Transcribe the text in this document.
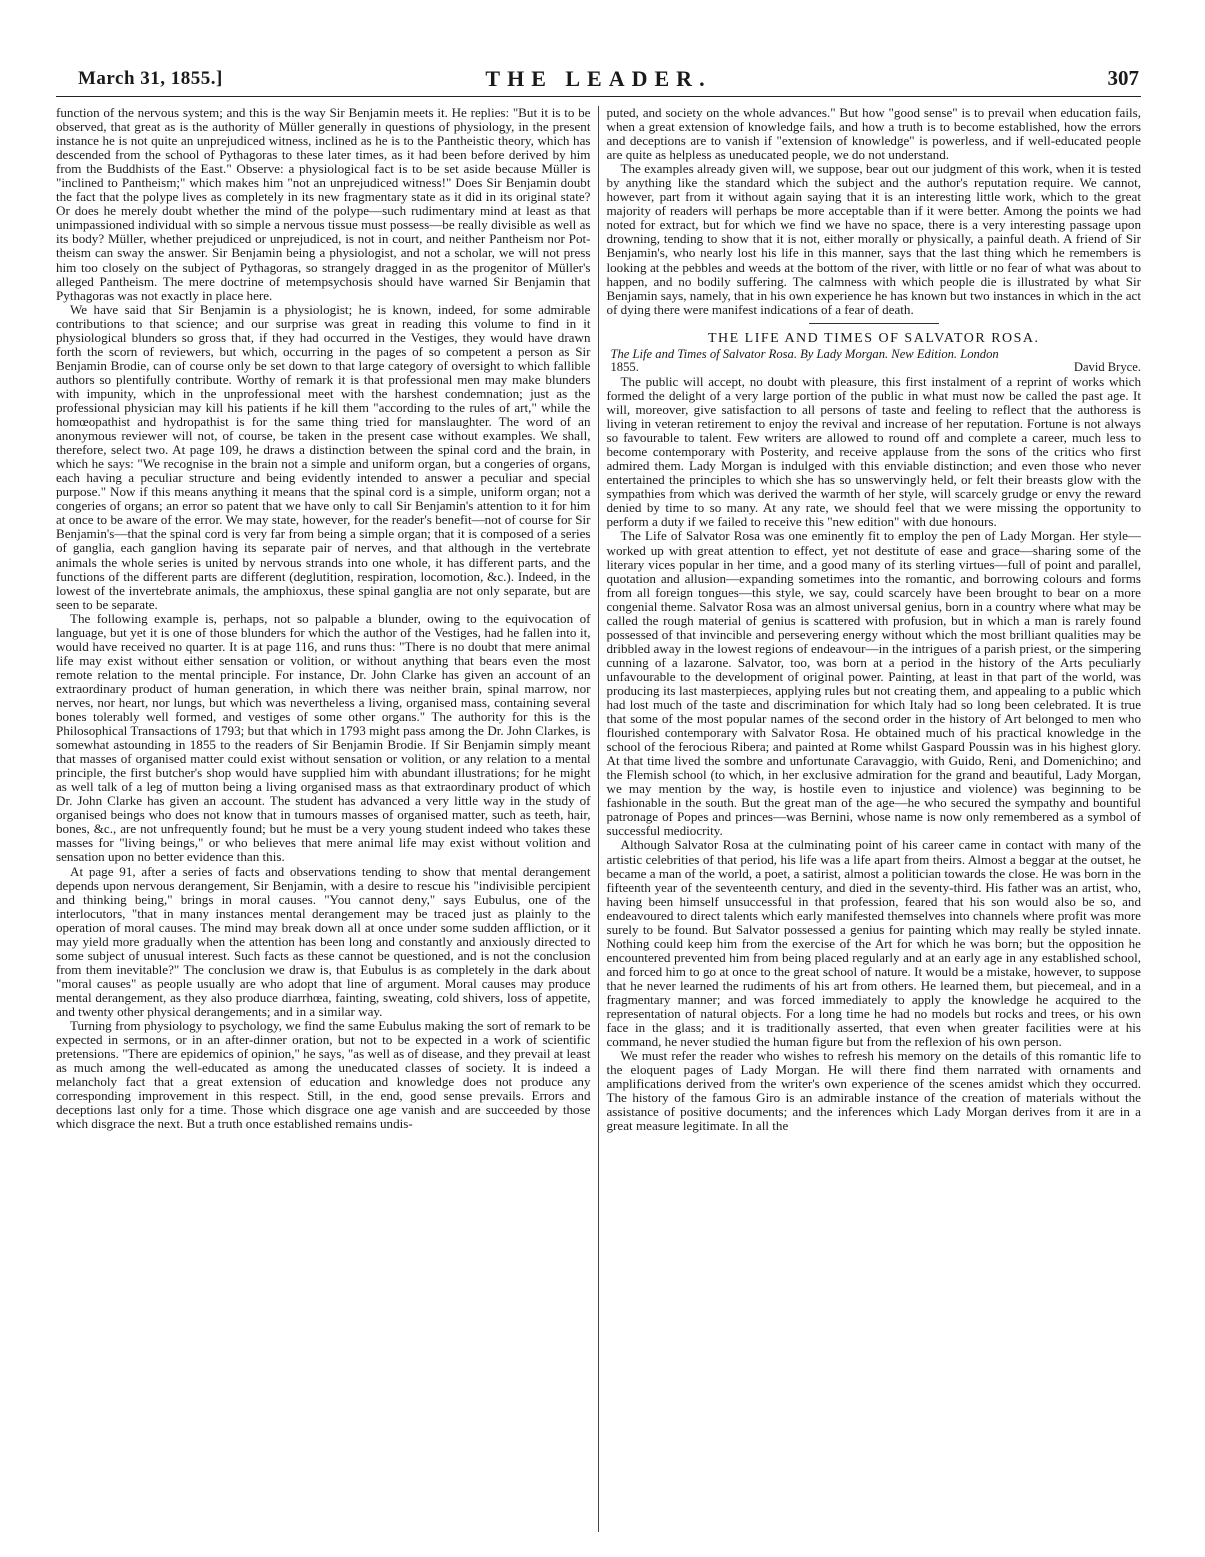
March 31, 1855.]	THE LEADER.	307

function of the nervous system; and this is the way Sir Benjamin meets it. He replies: "But it is to be observed, that great as is the authority of Müller generally in questions of physiology, in the present instance he is not quite an unprejudiced witness, inclined as he is to the Pantheistic theory, which has descended from the school of Pythagoras to these later times, as it had been before derived by him from the Buddhists of the East." Observe: a physiological fact is to be set aside because Müller is "inclined to Pantheism;" which makes him "not an unprejudiced witness!" Does Sir Benjamin doubt the fact that the polype lives as completely in its new fragmentary state as it did in its original state? Or does he merely doubt whether the mind of the polype—such rudimentary mind at least as that unimpassioned individual with so simple a nervous tissue must possess—be really divisible as well as its body? Müller, whether prejudiced or unprejudiced, is not in court, and neither Pantheism nor Pot-theism can sway the answer. Sir Benjamin being a physiologist, and not a scholar, we will not press him too closely on the subject of Pythagoras, so strangely dragged in as the progenitor of Müller's alleged Pantheism. The mere doctrine of metempsychosis should have warned Sir Benjamin that Pythagoras was not exactly in place here.

We have said that Sir Benjamin is a physiologist; he is known, indeed, for some admirable contributions to that science; and our surprise was great in reading this volume to find in it physiological blunders so gross that, if they had occurred in the Vestiges, they would have drawn forth the scorn of reviewers, but which, occurring in the pages of so competent a person as Sir Benjamin Brodie, can of course only be set down to that large category of oversight to which fallible authors so plentifully contribute. Worthy of remark it is that professional men may make blunders with impunity, which in the unprofessional meet with the harshest condemnation; just as the professional physician may kill his patients if he kill them "according to the rules of art," while the homœopathist and hydropathist is for the same thing tried for manslaughter. The word of an anonymous reviewer will not, of course, be taken in the present case without examples. We shall, therefore, select two. At page 109, he draws a distinction between the spinal cord and the brain, in which he says: "We recognise in the brain not a simple and uniform organ, but a congeries of organs, each having a peculiar structure and being evidently intended to answer a peculiar and special purpose." Now if this means anything it means that the spinal cord is a simple, uniform organ; not a congeries of organs; an error so patent that we have only to call Sir Benjamin's attention to it for him at once to be aware of the error. We may state, however, for the reader's benefit—not of course for Sir Benjamin's—that the spinal cord is very far from being a simple organ; that it is composed of a series of ganglia, each ganglion having its separate pair of nerves, and that although in the vertebrate animals the whole series is united by nervous strands into one whole, it has different parts, and the functions of the different parts are different (deglutition, respiration, locomotion, &c.). Indeed, in the lowest of the invertebrate animals, the amphioxus, these spinal ganglia are not only separate, but are seen to be separate.

The following example is, perhaps, not so palpable a blunder, owing to the equivocation of language, but yet it is one of those blunders for which the author of the Vestiges, had he fallen into it, would have received no quarter. It is at page 116, and runs thus: "There is no doubt that mere animal life may exist without either sensation or volition, or without anything that bears even the most remote relation to the mental principle. For instance, Dr. John Clarke has given an account of an extraordinary product of human generation, in which there was neither brain, spinal marrow, nor nerves, nor heart, nor lungs, but which was nevertheless a living, organised mass, containing several bones tolerably well formed, and vestiges of some other organs." The authority for this is the Philosophical Transactions of 1793; but that which in 1793 might pass among the Dr. John Clarkes, is somewhat astounding in 1855 to the readers of Sir Benjamin Brodie. If Sir Benjamin simply meant that masses of organised matter could exist without sensation or volition, or any relation to a mental principle, the first butcher's shop would have supplied him with abundant illustrations; for he might as well talk of a leg of mutton being a living organised mass as that extraordinary product of which Dr. John Clarke has given an account. The student has advanced a very little way in the study of organised beings who does not know that in tumours masses of organised matter, such as teeth, hair, bones, &c., are not unfrequently found; but he must be a very young student indeed who takes these masses for "living beings," or who believes that mere animal life may exist without volition and sensation upon no better evidence than this.

At page 91, after a series of facts and observations tending to show that mental derangement depends upon nervous derangement, Sir Benjamin, with a desire to rescue his "indivisible percipient and thinking being," brings in moral causes. "You cannot deny," says Eubulus, one of the interlocutors, "that in many instances mental derangement may be traced just as plainly to the operation of moral causes. The mind may break down all at once under some sudden affliction, or it may yield more gradually when the attention has been long and constantly and anxiously directed to some subject of unusual interest. Such facts as these cannot be questioned, and is not the conclusion from them inevitable?" The conclusion we draw is, that Eubulus is as completely in the dark about "moral causes" as people usually are who adopt that line of argument. Moral causes may produce mental derangement, as they also produce diarrhœa, fainting, sweating, cold shivers, loss of appetite, and twenty other physical derangements; and in a similar way.

Turning from physiology to psychology, we find the same Eubulus making the sort of remark to be expected in sermons, or in an after-dinner oration, but not to be expected in a work of scientific pretensions. "There are epidemics of opinion," he says, "as well as of disease, and they prevail at least as much among the well-educated as among the uneducated classes of society. It is indeed a melancholy fact that a great extension of education and knowledge does not produce any corresponding improvement in this respect. Still, in the end, good sense prevails. Errors and deceptions last only for a time. Those which disgrace one age vanish and are succeeded by those which disgrace the next. But a truth once established remains undis-

puted, and society on the whole advances." But how "good sense" is to prevail when education fails, when a great extension of knowledge fails, and how a truth is to become established, how the errors and deceptions are to vanish if "extension of knowledge" is powerless, and if well-educated people are quite as helpless as uneducated people, we do not understand.

The examples already given will, we suppose, bear out our judgment of this work, when it is tested by anything like the standard which the subject and the author's reputation require. We cannot, however, part from it without again saying that it is an interesting little work, which to the great majority of readers will perhaps be more acceptable than if it were better. Among the points we had noted for extract, but for which we find we have no space, there is a very interesting passage upon drowning, tending to show that it is not, either morally or physically, a painful death. A friend of Sir Benjamin's, who nearly lost his life in this manner, says that the last thing which he remembers is looking at the pebbles and weeds at the bottom of the river, with little or no fear of what was about to happen, and no bodily suffering. The calmness with which people die is illustrated by what Sir Benjamin says, namely, that in his own experience he has known but two instances in which in the act of dying there were manifest indications of a fear of death.

THE LIFE AND TIMES OF SALVATOR ROSA.
The Life and Times of Salvator Rosa. By Lady Morgan. New Edition. London
1855.	David Bryce.

The public will accept, no doubt with pleasure, this first instalment of a reprint of works which formed the delight of a very large portion of the public in what must now be called the past age. It will, moreover, give satisfaction to all persons of taste and feeling to reflect that the authoress is living in veteran retirement to enjoy the revival and increase of her reputation. Fortune is not always so favourable to talent. Few writers are allowed to round off and complete a career, much less to become contemporary with Posterity, and receive applause from the sons of the critics who first admired them. Lady Morgan is indulged with this enviable distinction; and even those who never entertained the principles to which she has so unswervingly held, or felt their breasts glow with the sympathies from which was derived the warmth of her style, will scarcely grudge or envy the reward denied by time to so many. At any rate, we should feel that we were missing the opportunity to perform a duty if we failed to receive this "new edition" with due honours.

The Life of Salvator Rosa was one eminently fit to employ the pen of Lady Morgan. Her style—worked up with great attention to effect, yet not destitute of ease and grace—sharing some of the literary vices popular in her time, and a good many of its sterling virtues—full of point and parallel, quotation and allusion—expanding sometimes into the romantic, and borrowing colours and forms from all foreign tongues—this style, we say, could scarcely have been brought to bear on a more congenial theme. Salvator Rosa was an almost universal genius, born in a country where what may be called the rough material of genius is scattered with profusion, but in which a man is rarely found possessed of that invincible and persevering energy without which the most brilliant qualities may be dribbled away in the lowest regions of endeavour—in the intrigues of a parish priest, or the simpering cunning of a lazarone. Salvator, too, was born at a period in the history of the Arts peculiarly unfavourable to the development of original power. Painting, at least in that part of the world, was producing its last masterpieces, applying rules but not creating them, and appealing to a public which had lost much of the taste and discrimination for which Italy had so long been celebrated. It is true that some of the most popular names of the second order in the history of Art belonged to men who flourished contemporary with Salvator Rosa. He obtained much of his practical knowledge in the school of the ferocious Ribera; and painted at Rome whilst Gaspard Poussin was in his highest glory. At that time lived the sombre and unfortunate Caravaggio, with Guido, Reni, and Domenichino; and the Flemish school (to which, in her exclusive admiration for the grand and beautiful, Lady Morgan, we may mention by the way, is hostile even to injustice and violence) was beginning to be fashionable in the south. But the great man of the age—he who secured the sympathy and bountiful patronage of Popes and princes—was Bernini, whose name is now only remembered as a symbol of successful mediocrity.

Although Salvator Rosa at the culminating point of his career came in contact with many of the artistic celebrities of that period, his life was a life apart from theirs. Almost a beggar at the outset, he became a man of the world, a poet, a satirist, almost a politician towards the close. He was born in the fifteenth year of the seventeenth century, and died in the seventy-third. His father was an artist, who, having been himself unsuccessful in that profession, feared that his son would also be so, and endeavoured to direct talents which early manifested themselves into channels where profit was more surely to be found. But Salvator possessed a genius for painting which may really be styled innate. Nothing could keep him from the exercise of the Art for which he was born; but the opposition he encountered prevented him from being placed regularly and at an early age in any established school, and forced him to go at once to the great school of nature. It would be a mistake, however, to suppose that he never learned the rudiments of his art from others. He learned them, but piecemeal, and in a fragmentary manner; and was forced immediately to apply the knowledge he acquired to the representation of natural objects. For a long time he had no models but rocks and trees, or his own face in the glass; and it is traditionally asserted, that even when greater facilities were at his command, he never studied the human figure but from the reflexion of his own person.

We must refer the reader who wishes to refresh his memory on the details of this romantic life to the eloquent pages of Lady Morgan. He will there find them narrated with ornaments and amplifications derived from the writer's own experience of the scenes amidst which they occurred. The history of the famous Giro is an admirable instance of the creation of materials without the assistance of positive documents; and the inferences which Lady Morgan derives from it are in a great measure legitimate. In all the
